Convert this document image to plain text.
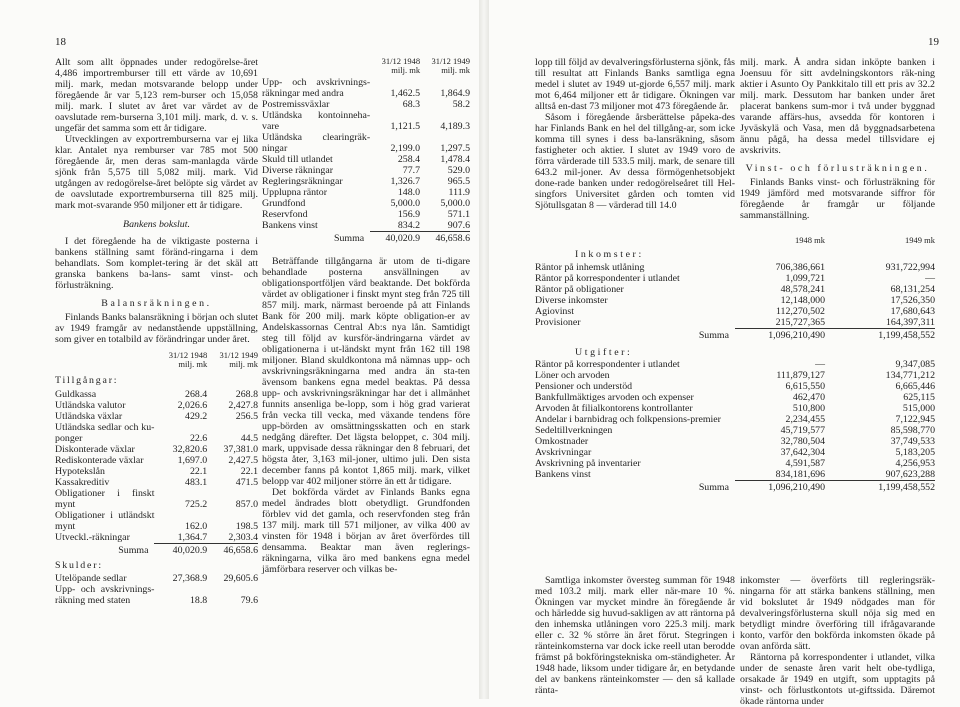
18	19

Allt som allt öppnades under redogörelse-året 4,486 importremburser till ett värde av 10,691 milj. mark, medan motsvarande belopp under föregående år var 5,123 rem-burser och 15,058 milj. mark. I slutet av året var värdet av de oavslutade rem-burserna 3,101 milj. mark, d. v. s. ungefär det samma som ett år tidigare.

Utvecklingen av exportremburserna var ej lika klar. Antalet nya remburser var 785 mot 500 föregående år, men deras sam-manlagda värde sjönk från 5,575 till 5,082 milj. mark. Vid utgången av redogörelse-året belöpte sig värdet av de oavslutade exportremburserna till 825 milj. mark mot-svarande 950 miljoner ett år tidigare.

Bankens bokslut.

I det föregående ha de viktigaste posterna i bankens ställning samt föränd-ringarna i dem behandlats. Som komplet-tering är det skäl att granska bankens ba-lans- samt vinst- och förlusträkning.

Balansräkningen.

Finlands Banks balansräkning i början och slutet av 1949 framgår av nedanstående uppställning, som giver en totalbild av förändringar under året.

	31/12 1948 milj. mk	31/12 1949 milj. mk
Tillgångar:		
Guldkassa	268.4	268.8
Utländska valutor	2,026.6	2,427.8
Utländska växlar	429.2	256.5
Utländska sedlar och ku-ponger	22.6	44.5
Diskonterade växlar	32,820.6	37,381.0
Rediskonterade växlar	1,697.0	2,427.5
Hypotekslån	22.1	22.1
Kassakreditiv	483.1	471.5
Obligationer i finskt mynt	725.2	857.0
Obligationer i utländskt mynt	162.0	198.5
Utveckl.-räkningar	1,364.7	2,303.4
Summa	40,020.9	46,658.6
Skulder:		
Utelöpande sedlar	27,368.9	29,605.6
Upp- och avskrivnings-räkning med staten	18.8	79.6
	31/12 1948 milj. mk	31/12 1949 milj. mk
Upp- och avskrivnings-räkningar med andra	1,462.5	1,864.9
Postremissväxlar	68.3	58.2
Utländska kontoinneha-vare	1,121.5	4,189.3
Utländska clearingräk-ningar	2,199.0	1,297.5
Skuld till utlandet	258.4	1,478.4
Diverse räkningar	77.7	529.0
Regleringsräkningar	1,326.7	965.5
Upplupna räntor	148.0	111.9
Grundfond	5,000.0	5,000.0
Reservfond	156.9	571.1
Bankens vinst	834.2	907.6
Summa	40,020.9	46,658.6

Beträffande tillgångarna är utom de ti-digare behandlade posterna ansvällningen av obligationsportföljen värd beaktande. Det bokförda värdet av obligationer i finskt mynt steg från 725 till 857 milj. mark, närmast beroende på att Finlands Bank för 200 milj. mark köpte obligation-er av Andelskassornas Central Ab:s nya lån. Samtidigt steg till följd av kursför-ändringarna värdet av obligationerna i ut-ländskt mynt från 162 till 198 miljoner. Bland skuldkontona må nämnas upp- och avskrivningsräkningarna med andra än sta-ten ävensom bankens egna medel beaktas. På dessa upp- och avskrivningsräkningar har det i allmänhet funnits ansenliga be-lopp, som i hög grad varierat från vecka till vecka, med växande tendens före upp-börden av omsättningsskatten och en stark nedgång därefter. Det lägsta beloppet, c. 304 milj. mark, uppvisade dessa räkningar den 8 februari, det högsta åter, 3,163 mil-joner, ultimo juli. Den sista december fanns på kontot 1,865 milj. mark, vilket belopp var 402 miljoner större än ett år tidigare.

Det bokförda värdet av Finlands Banks egna medel ändrades blott obetydligt. Grundfonden förblev vid det gamla, och reservfonden steg från 137 milj. mark till 571 miljoner, av vilka 400 av vinsten för 1948 i början av året överfördes till densamma. Beaktar man även reglerings-räkningarna, vilka äro med bankens egna medel jämförbara reserver och vilkas be-

lopp till följd av devalveringsförlusterna sjönk, fås till resultat att Finlands Banks samtliga egna medel i slutet av 1949 ut-gjorde 6,557 milj. mark mot 6,464 miljoner ett år tidigare. Ökningen var alltså en-dast 73 miljoner mot 473 föregående år.

Såsom i föregående årsberättelse påpeka-des har Finlands Bank en hel del tillgång-ar, som icke komma till synes i dess ba-lansräkning, såsom fastigheter och aktier. I slutet av 1949 voro de förra värderade till 533.5 milj. mark, de senare till 643.2 mil-joner. Av dessa förmögenhetsobjekt done-rade banken under redogörelseåret till Hel-singfors Universitet gården och tomten vid Sjötullsgatan 8 — värderad till 14.0

milj. mark. Å andra sidan inköpte banken i Joensuu för sitt avdelningskontors räk-ning aktier i Asunto Oy Pankkitalo till ett pris av 32.2 milj. mark. Dessutom har banken under året placerat bankens sum-mor i två under byggnad varande affärs-hus, avsedda för kontoren i Jyväskylä och Vasa, men då byggnadsarbetena ännu pågå, ha dessa medel tillsvidare ej avskrivits.

Vinst- och förlusträkningen.

Finlands Banks vinst- och förlusträkning för 1949 jämförd med motsvarande siffror för föregående år framgår ur följande sammanställning.

	1948 mk	1949 mk
Inkomster:		
Räntor på inhemsk utlåning	706,386,661	931,722,994
Räntor på korrespondenter i utlandet	1,099,721	—
Räntor på obligationer	48,578,241	68,131,254
Diverse inkomster	12,148,000	17,526,350
Agiovinst	112,270,502	17,680,643
Provisioner	215,727,365	164,397,311
Summa	1,096,210,490	1,199,458,552
Utgifter:		
Räntor på korrespondenter i utlandet	—	9,347,085
Löner och arvoden	111,879,127	134,771,212
Pensioner och understöd	6,615,550	6,665,446
Bankfullmäktiges arvoden och expenser	462,470	625,115
Arvoden åt filialkontorens kontrollanter	510,800	515,000
Andelar i barnbidrag och folkpensions-premier	2,234,455	7,122,945
Sedeltillverkningen	45,719,577	85,598,770
Omkostnader	32,780,504	37,749,533
Avskrivningar	37,642,304	5,183,205
Avskrivning på inventarier	4,591,587	4,256,953
Bankens vinst	834,181,696	907,623,288
Summa	1,096,210,490	1,199,458,552

Samtliga inkomster översteg summan för 1948 med 103.2 milj. mark eller när-mare 10 %. Ökningen var mycket mindre än föregående år och härledde sig huvud-sakligen av att räntorna på den inhemska utlåningen voro 225.3 milj. mark eller c. 32 % större än året förut. Stegringen i ränteinkomsterna var dock icke reell utan berodde främst på bokföringstekniska om-ständigheter. År 1948 hade, liksom under tidigare år, en betydande del av bankens ränteinkomster — den så kallade ränta-

inkomster — överförts till regleringsräk-ningarna för att stärka bankens ställning, men vid bokslutet år 1949 nödgades man för devalveringsförlusterna skull nöja sig med en betydligt mindre överföring till ifrågavarande konto, varför den bokförda inkomsten ökade på ovan anförda sätt.

Räntorna på korrespondenter i utlandet, vilka under de senaste åren varit helt obe-tydliga, orsakade år 1949 en utgift, som upptagits på vinst- och förlustkontots ut-giftssida. Däremot ökade räntorna under
